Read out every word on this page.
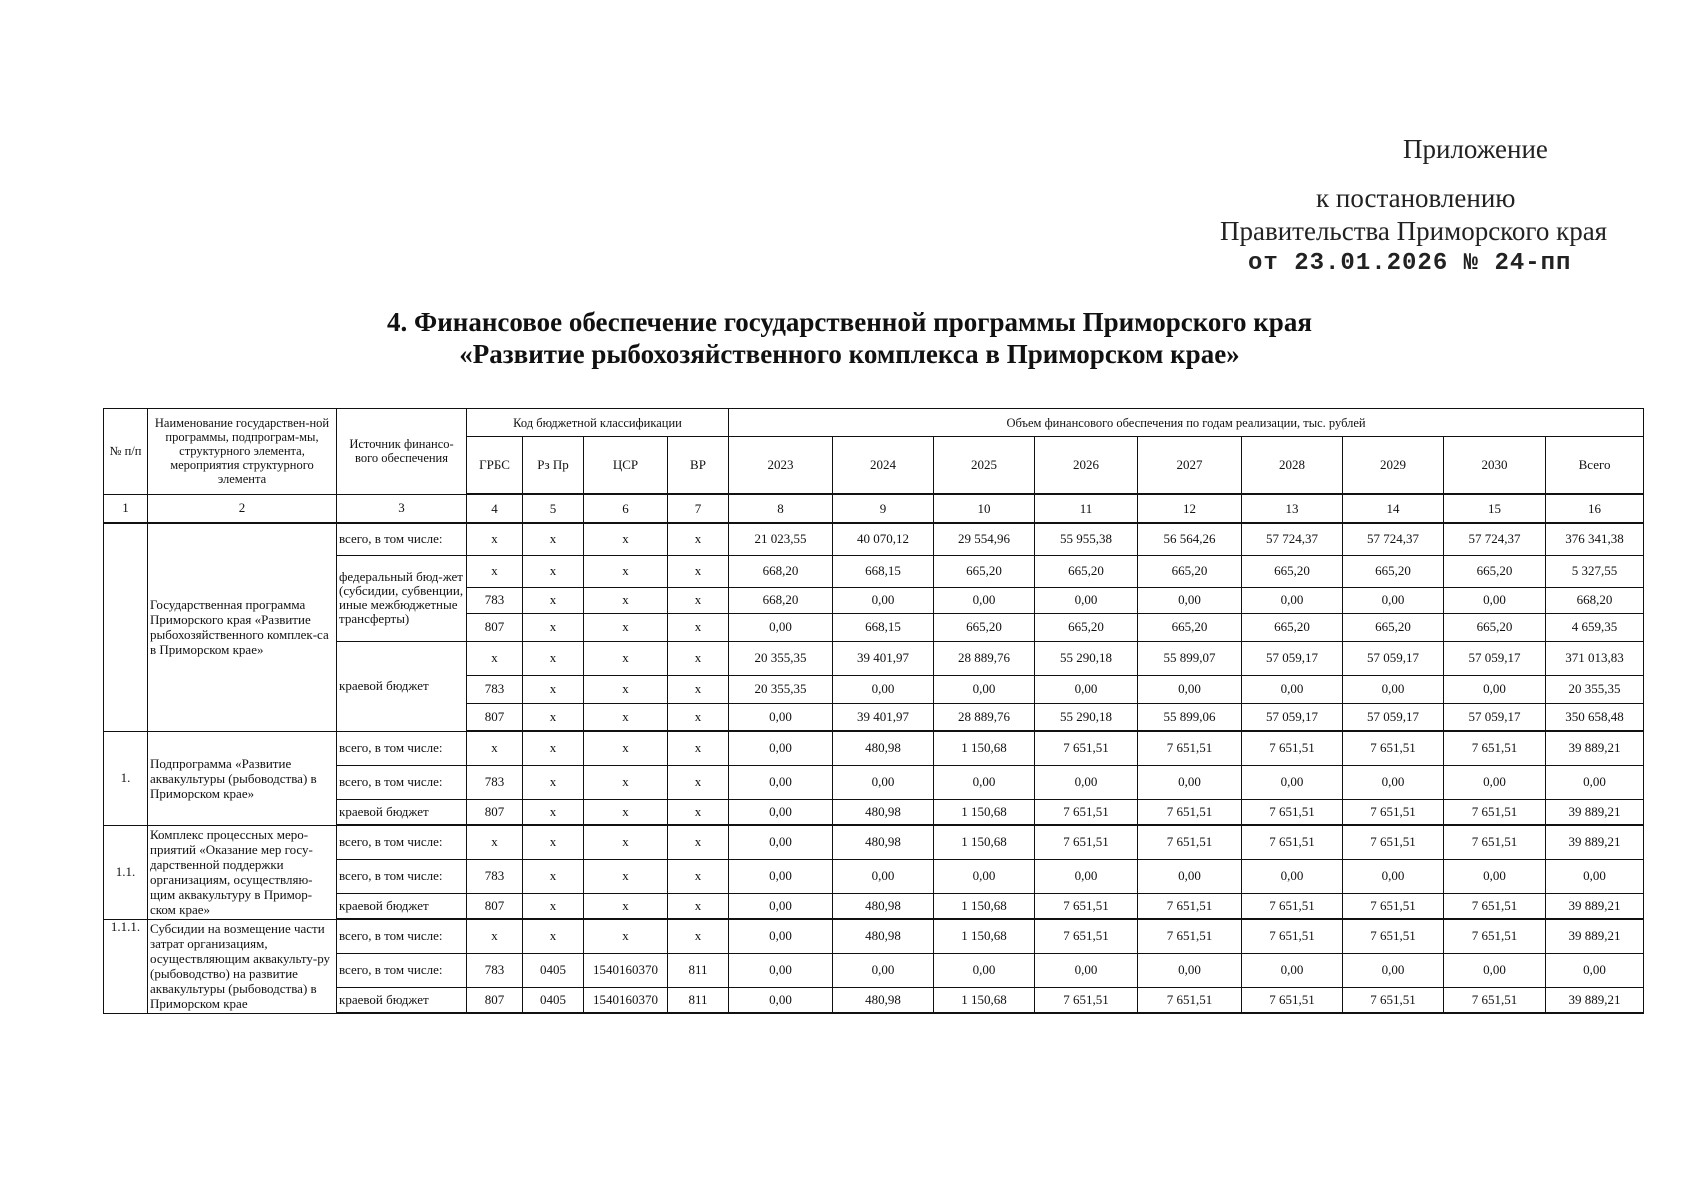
Приложение
к постановлению
Правительства Приморского края
от 23.01.2026 № 24-пп
4. Финансовое обеспечение государственной программы Приморского края
«Развитие рыбохозяйственного комплекса в Приморском крае»
№ п/п	Наименование государствен-ной программы, подпрограм-мы, структурного элемента, мероприятия структурного элемента	Источник финансо-вого обеспечения	Код бюджетной классификации				Объем финансового обеспечения по годам реализации, тыс. рублей								
			ГРБС	Рз Пр	ЦСР	ВР	2023	2024	2025	2026	2027	2028	2029	2030	Всего
1	2	3	4	5	6	7	8	9	10	11	12	13	14	15	16
	Государственная программа Приморского края «Развитие рыбохозяйственного комплек-са в Приморском крае»	всего, в том числе:	x	x	x	x	21 023,55	40 070,12	29 554,96	55 955,38	56 564,26	57 724,37	57 724,37	57 724,37	376 341,38
		федеральный бюд-жет (субсидии, субвенции, иные межбюджетные трансферты)	x	x	x	x	668,20	668,15	665,20	665,20	665,20	665,20	665,20	665,20	5 327,55
			783	x	x	x	668,20	0,00	0,00	0,00	0,00	0,00	0,00	0,00	668,20
			807	x	x	x	0,00	668,15	665,20	665,20	665,20	665,20	665,20	665,20	4 659,35
		краевой бюджет	x	x	x	x	20 355,35	39 401,97	28 889,76	55 290,18	55 899,07	57 059,17	57 059,17	57 059,17	371 013,83
			783	x	x	x	20 355,35	0,00	0,00	0,00	0,00	0,00	0,00	0,00	20 355,35
			807	x	x	x	0,00	39 401,97	28 889,76	55 290,18	55 899,06	57 059,17	57 059,17	57 059,17	350 658,48
1.	Подпрограмма «Развитие аквакультуры (рыбоводства) в Приморском крае»	всего, в том числе:	x	x	x	x	0,00	480,98	1 150,68	7 651,51	7 651,51	7 651,51	7 651,51	7 651,51	39 889,21
		всего, в том числе:	783	x	x	x	0,00	0,00	0,00	0,00	0,00	0,00	0,00	0,00	0,00
		краевой бюджет	807	x	x	x	0,00	480,98	1 150,68	7 651,51	7 651,51	7 651,51	7 651,51	7 651,51	39 889,21
1.1.	Комплекс процессных меро-приятий «Оказание мер госу-дарственной поддержки организациям, осуществляю-щим аквакультуру в Примор-ском крае»	всего, в том числе:	x	x	x	x	0,00	480,98	1 150,68	7 651,51	7 651,51	7 651,51	7 651,51	7 651,51	39 889,21
		всего, в том числе:	783	x	x	x	0,00	0,00	0,00	0,00	0,00	0,00	0,00	0,00	0,00
		краевой бюджет	807	x	x	x	0,00	480,98	1 150,68	7 651,51	7 651,51	7 651,51	7 651,51	7 651,51	39 889,21
1.1.1.	Субсидии на возмещение части затрат организациям, осуществляющим аквакульту-ру (рыбоводство) на развитие аквакультуры (рыбоводства) в Приморском крае	всего, в том числе:	x	x	x	x	0,00	480,98	1 150,68	7 651,51	7 651,51	7 651,51	7 651,51	7 651,51	39 889,21
		всего, в том числе:	783	0405	1540160370	811	0,00	0,00	0,00	0,00	0,00	0,00	0,00	0,00	0,00
		краевой бюджет	807	0405	1540160370	811	0,00	480,98	1 150,68	7 651,51	7 651,51	7 651,51	7 651,51	7 651,51	39 889,21
